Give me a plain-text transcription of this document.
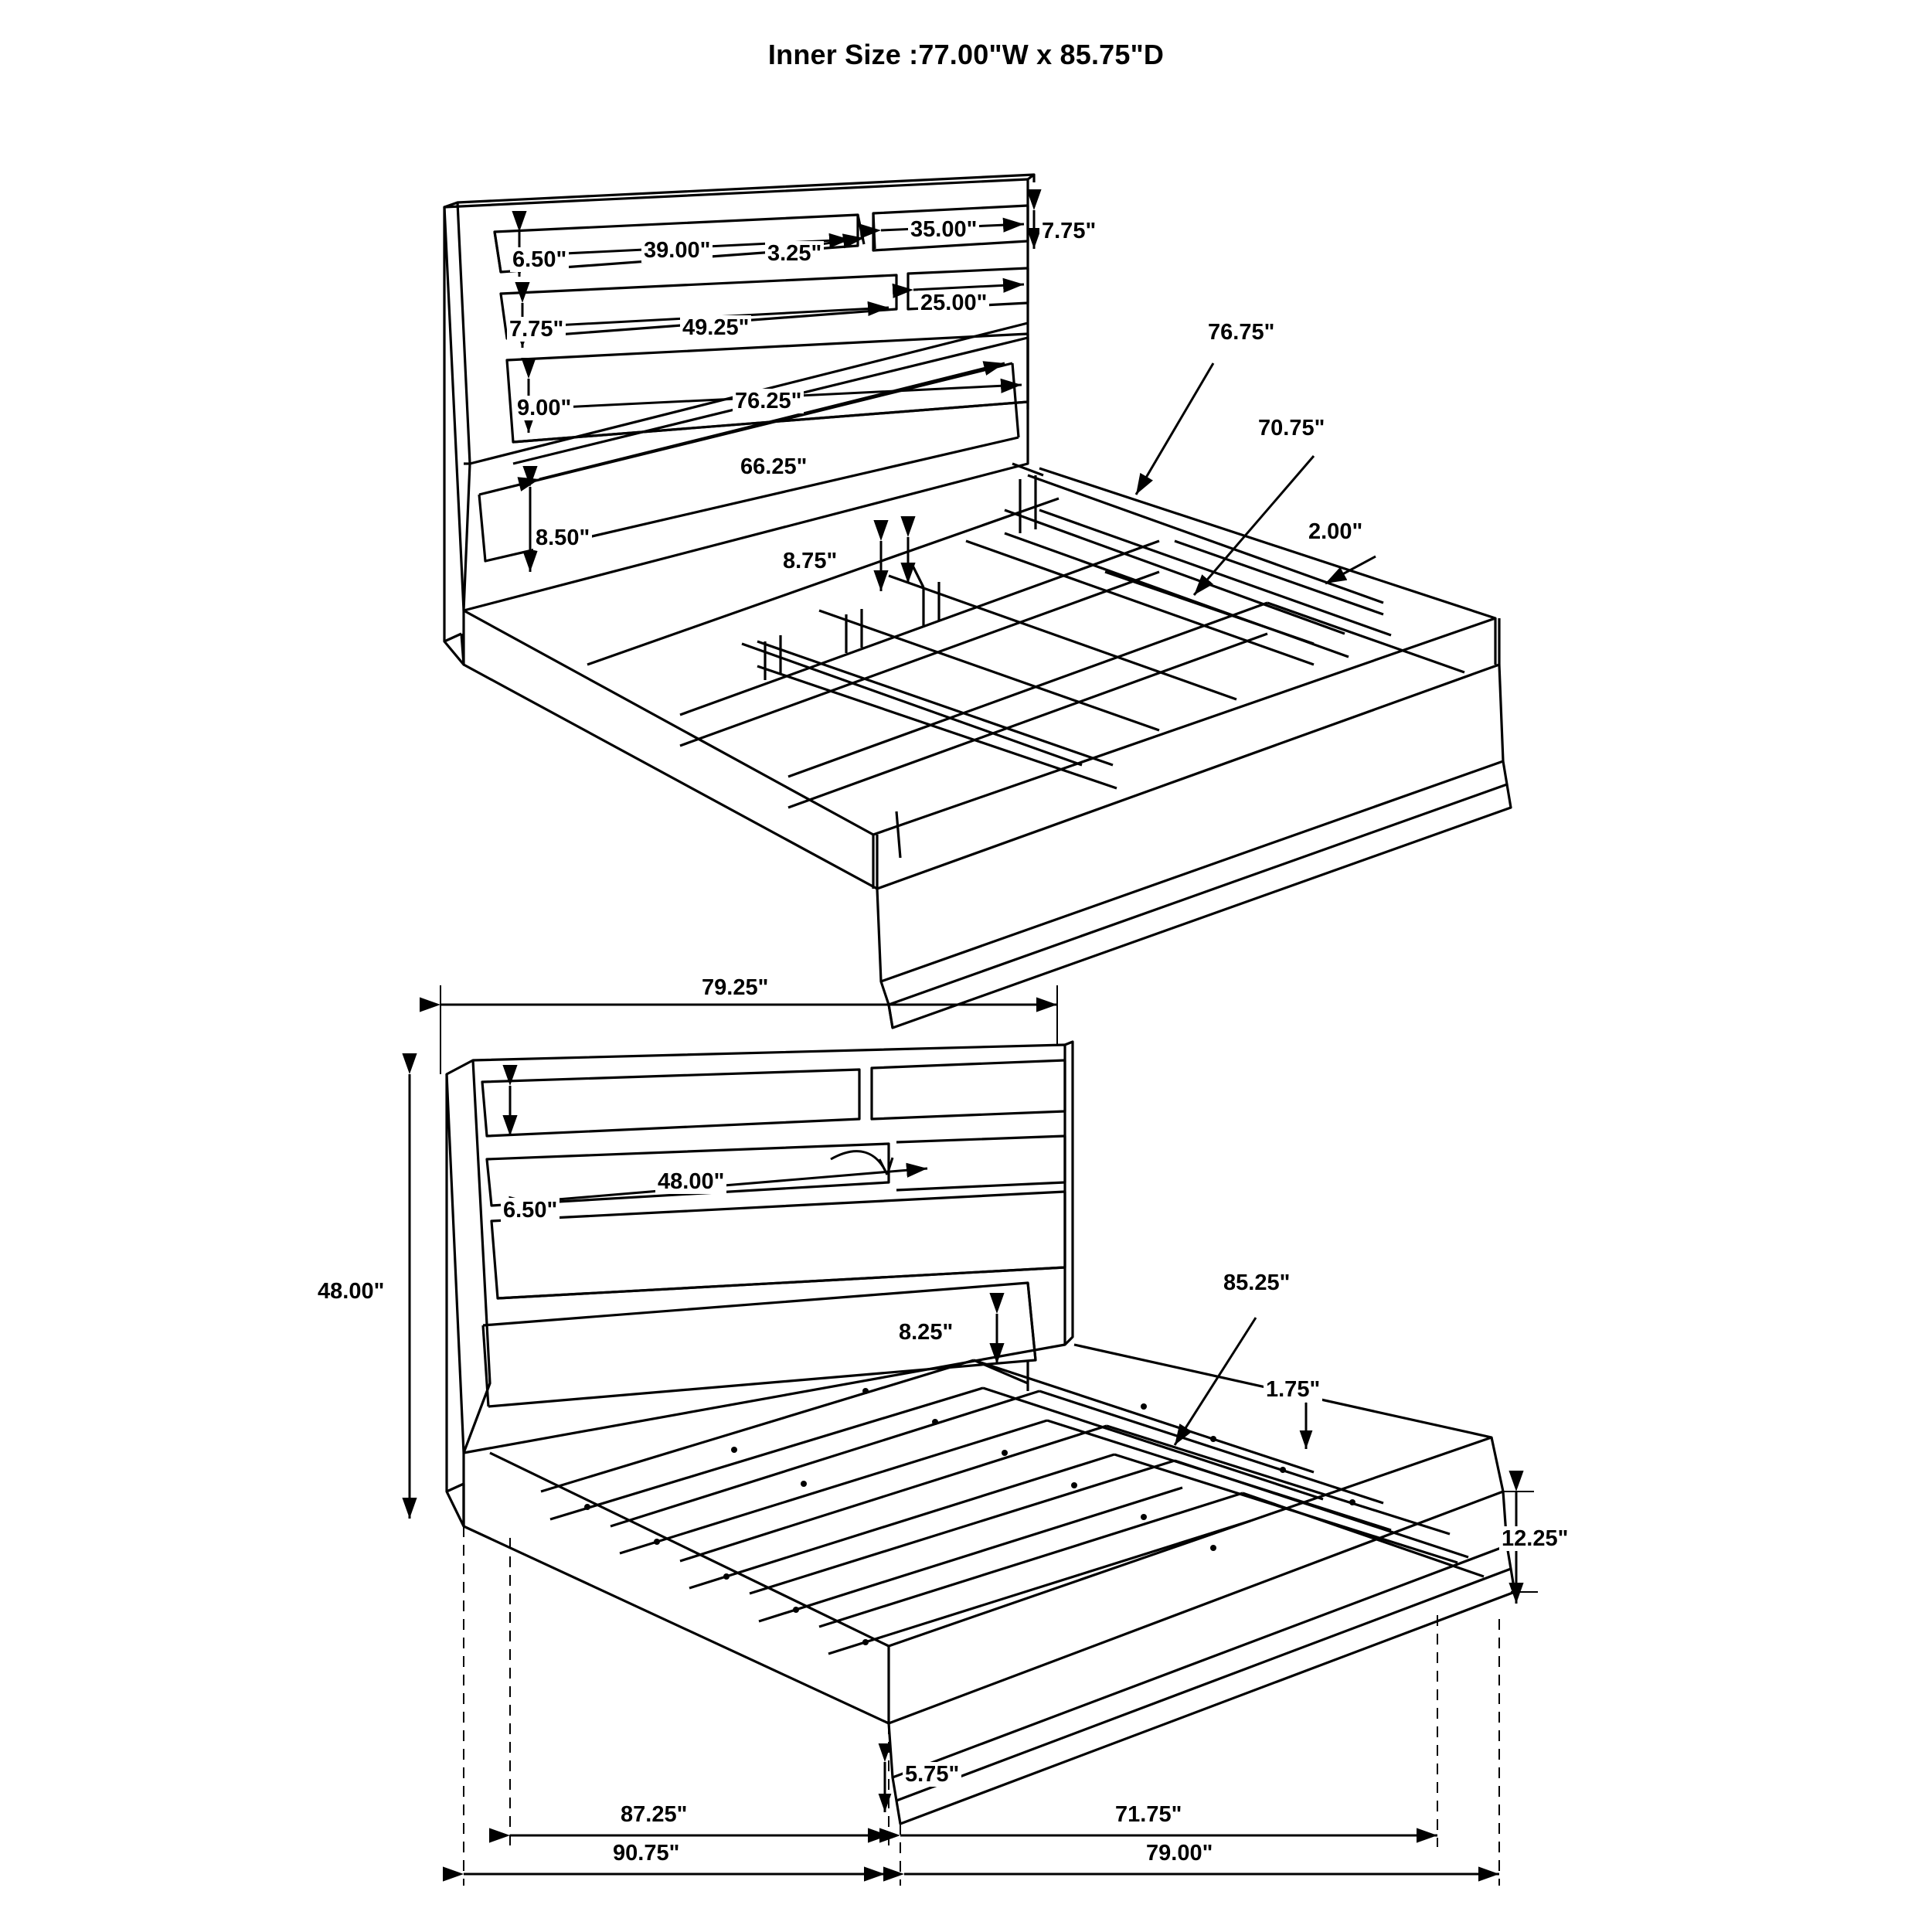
Inner Size :77.00"W x 85.75"D
6.50"	39.00"	3.25"
35.00"	7.75"
25.00"
7.75"	49.25"
9.00"	76.25"
66.25"
8.50"
8.75"
76.75"
70.75"
2.00"
79.25"
6.50"
48.00"
48.00"
8.25"
85.25"
1.75"
12.25"
5.75"
87.25"	71.75"
90.75"	79.00"
